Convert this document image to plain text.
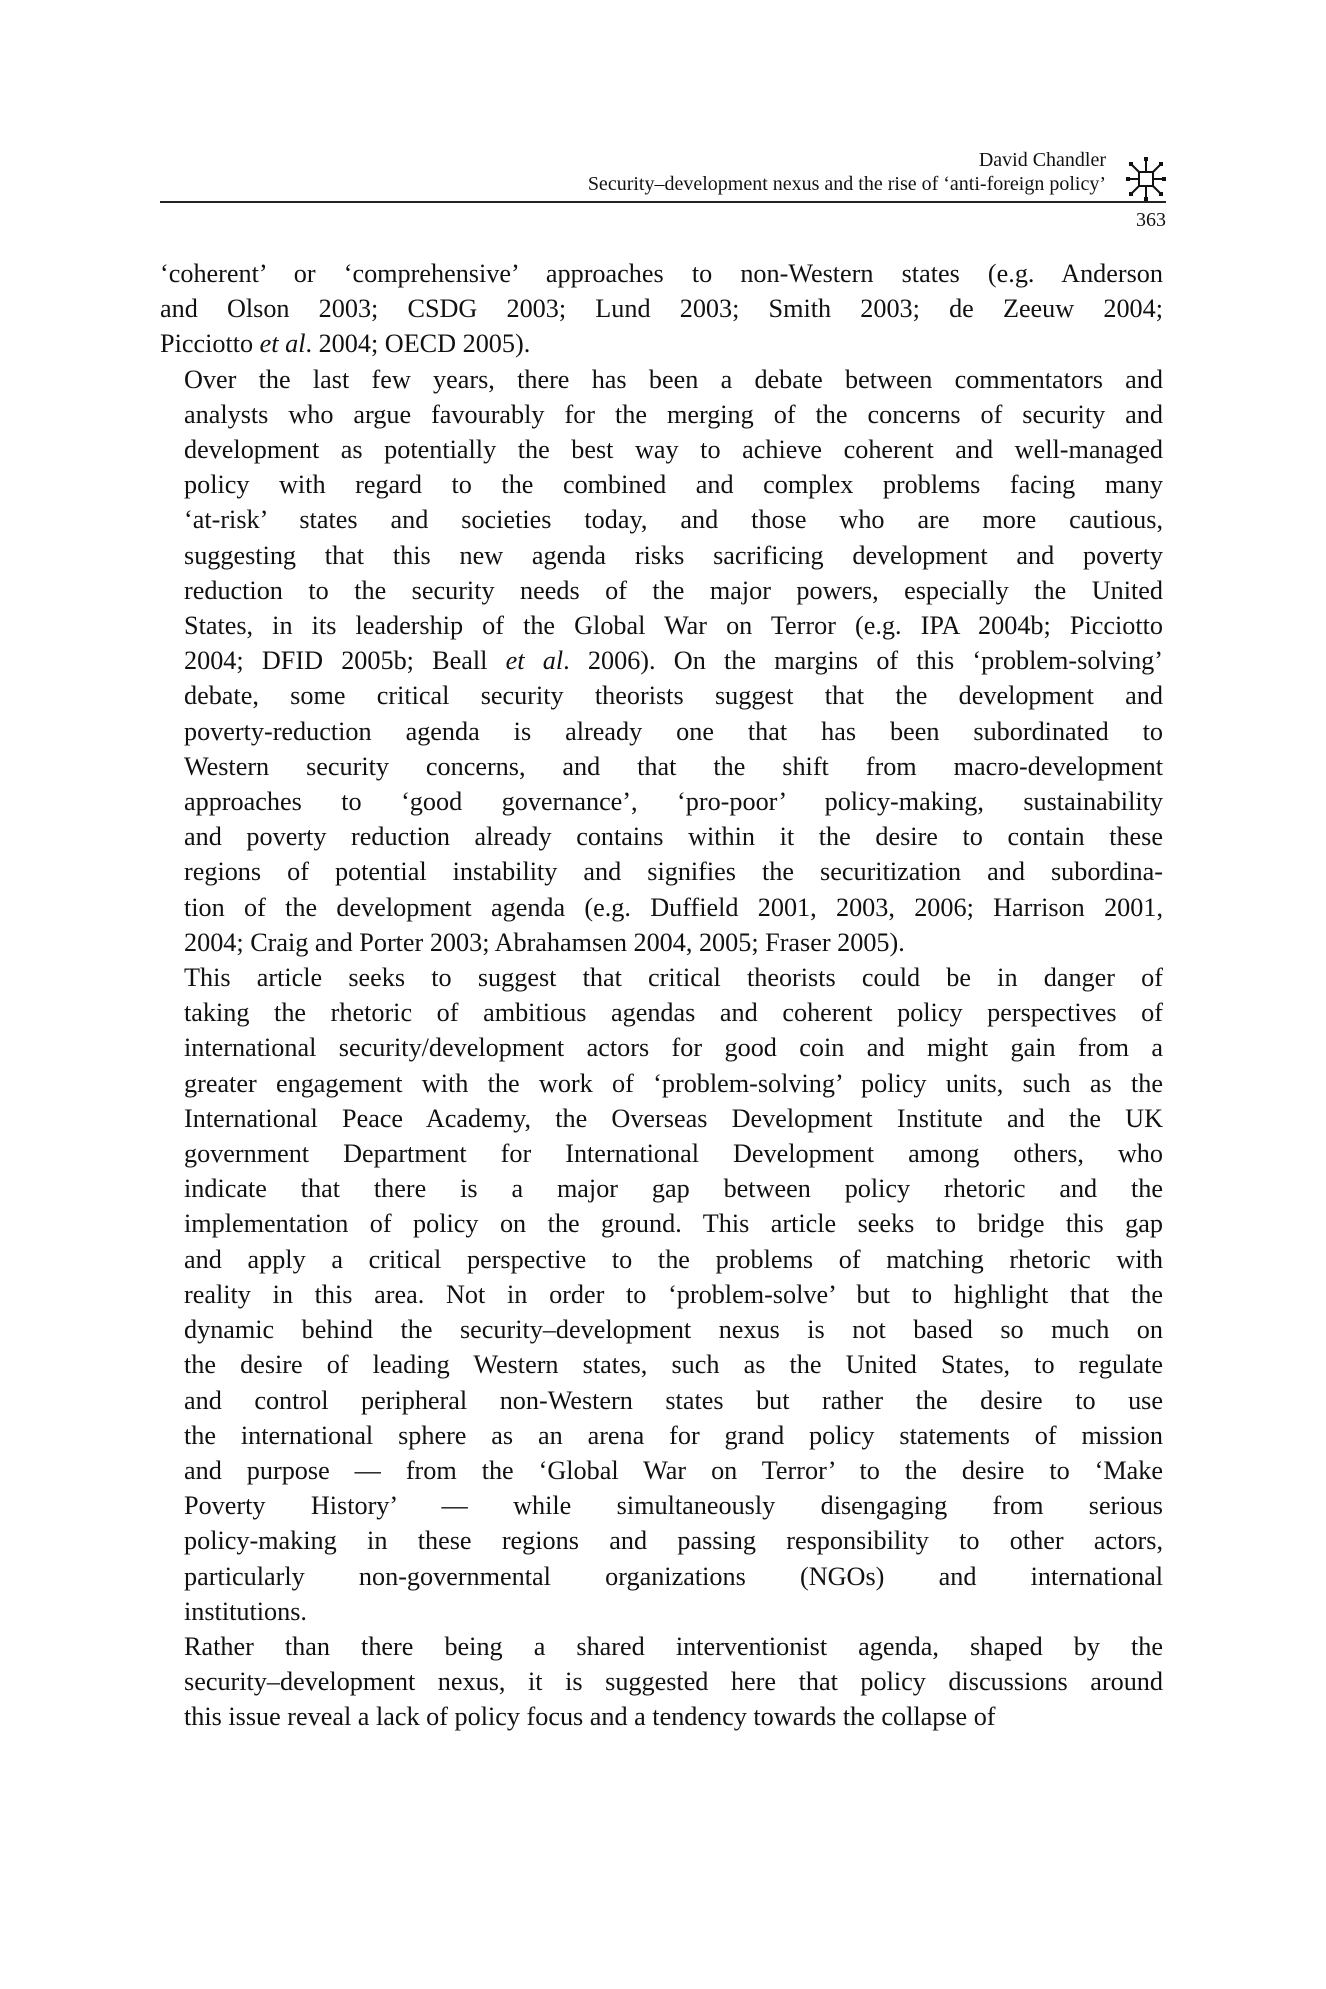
David Chandler
Security–development nexus and the rise of ‘anti-foreign policy’
363

‘coherent’ or ‘comprehensive’ approaches to non-Western states (e.g. Anderson
and Olson 2003; CSDG 2003; Lund 2003; Smith 2003; de Zeeuw 2004;
Picciotto et al. 2004; OECD 2005).

Over the last few years, there has been a debate between commentators and
analysts who argue favourably for the merging of the concerns of security and
development as potentially the best way to achieve coherent and well-managed
policy with regard to the combined and complex problems facing many
‘at-risk’ states and societies today, and those who are more cautious,
suggesting that this new agenda risks sacrificing development and poverty
reduction to the security needs of the major powers, especially the United
States, in its leadership of the Global War on Terror (e.g. IPA 2004b; Picciotto
2004; DFID 2005b; Beall et al. 2006). On the margins of this ‘problem-solving’
debate, some critical security theorists suggest that the development and
poverty-reduction agenda is already one that has been subordinated to
Western security concerns, and that the shift from macro-development
approaches to ‘good governance’, ‘pro-poor’ policy-making, sustainability
and poverty reduction already contains within it the desire to contain these
regions of potential instability and signifies the securitization and subordina-
tion of the development agenda (e.g. Duffield 2001, 2003, 2006; Harrison 2001,
2004; Craig and Porter 2003; Abrahamsen 2004, 2005; Fraser 2005).

This article seeks to suggest that critical theorists could be in danger of
taking the rhetoric of ambitious agendas and coherent policy perspectives of
international security/development actors for good coin and might gain from a
greater engagement with the work of ‘problem-solving’ policy units, such as the
International Peace Academy, the Overseas Development Institute and the UK
government Department for International Development among others, who
indicate that there is a major gap between policy rhetoric and the
implementation of policy on the ground. This article seeks to bridge this gap
and apply a critical perspective to the problems of matching rhetoric with
reality in this area. Not in order to ‘problem-solve’ but to highlight that the
dynamic behind the security–development nexus is not based so much on
the desire of leading Western states, such as the United States, to regulate
and control peripheral non-Western states but rather the desire to use
the international sphere as an arena for grand policy statements of mission
and purpose — from the ‘Global War on Terror’ to the desire to ‘Make
Poverty History’ — while simultaneously disengaging from serious
policy-making in these regions and passing responsibility to other actors,
particularly non-governmental organizations (NGOs) and international
institutions.

Rather than there being a shared interventionist agenda, shaped by the
security–development nexus, it is suggested here that policy discussions around
this issue reveal a lack of policy focus and a tendency towards the collapse of
